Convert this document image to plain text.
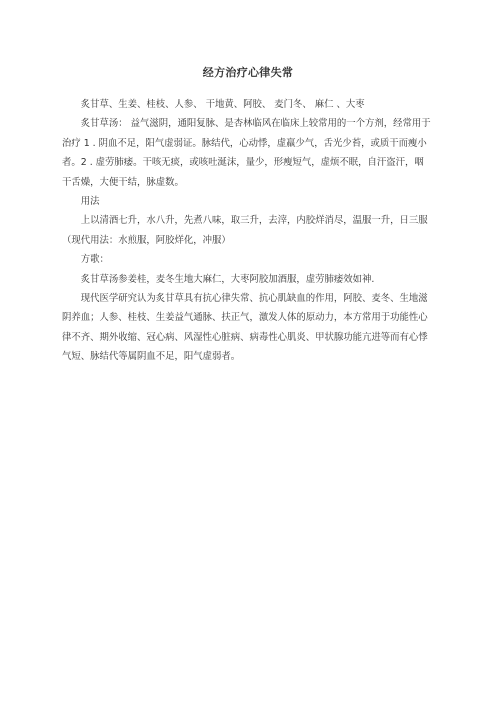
经方治疗心律失常

炙甘草、生姜、桂枝、人参、 干地黄、阿胶、 麦门冬、 麻仁 、大枣

炙甘草汤： 益气滋阴，通阳复脉、是杏林临风在临床上较常用的一个方剂，经常用于治疗 1 . 阴血不足，阳气虚弱证。脉结代，心动悸，虚羸少气，舌光少苔，或质干而瘦小者。2 . 虚劳肺痿。干咳无痰，或咳吐涎沫，量少，形瘦短气，虚烦不眠，自汗盗汗，咽干舌燥，大便干结，脉虚数。

用法

上以清酒七升，水八升，先煮八味，取三升，去滓，内胶烊消尽，温服一升，日三服（现代用法：水煎服，阿胶烊化，冲服）

方歌：

炙甘草汤参姜桂，麦冬生地大麻仁，大枣阿胶加酒服，虚劳肺痿效如神.

现代医学研究认为炙甘草具有抗心律失常、抗心肌缺血的作用，阿胶、麦冬、生地滋阴养血；人参、桂枝、生姜益气通脉、扶正气，激发人体的原动力，本方常用于功能性心律不齐、期外收缩、冠心病、风湿性心脏病、病毒性心肌炎、甲状腺功能亢进等而有心悸气短、脉结代等属阴血不足，阳气虚弱者。
